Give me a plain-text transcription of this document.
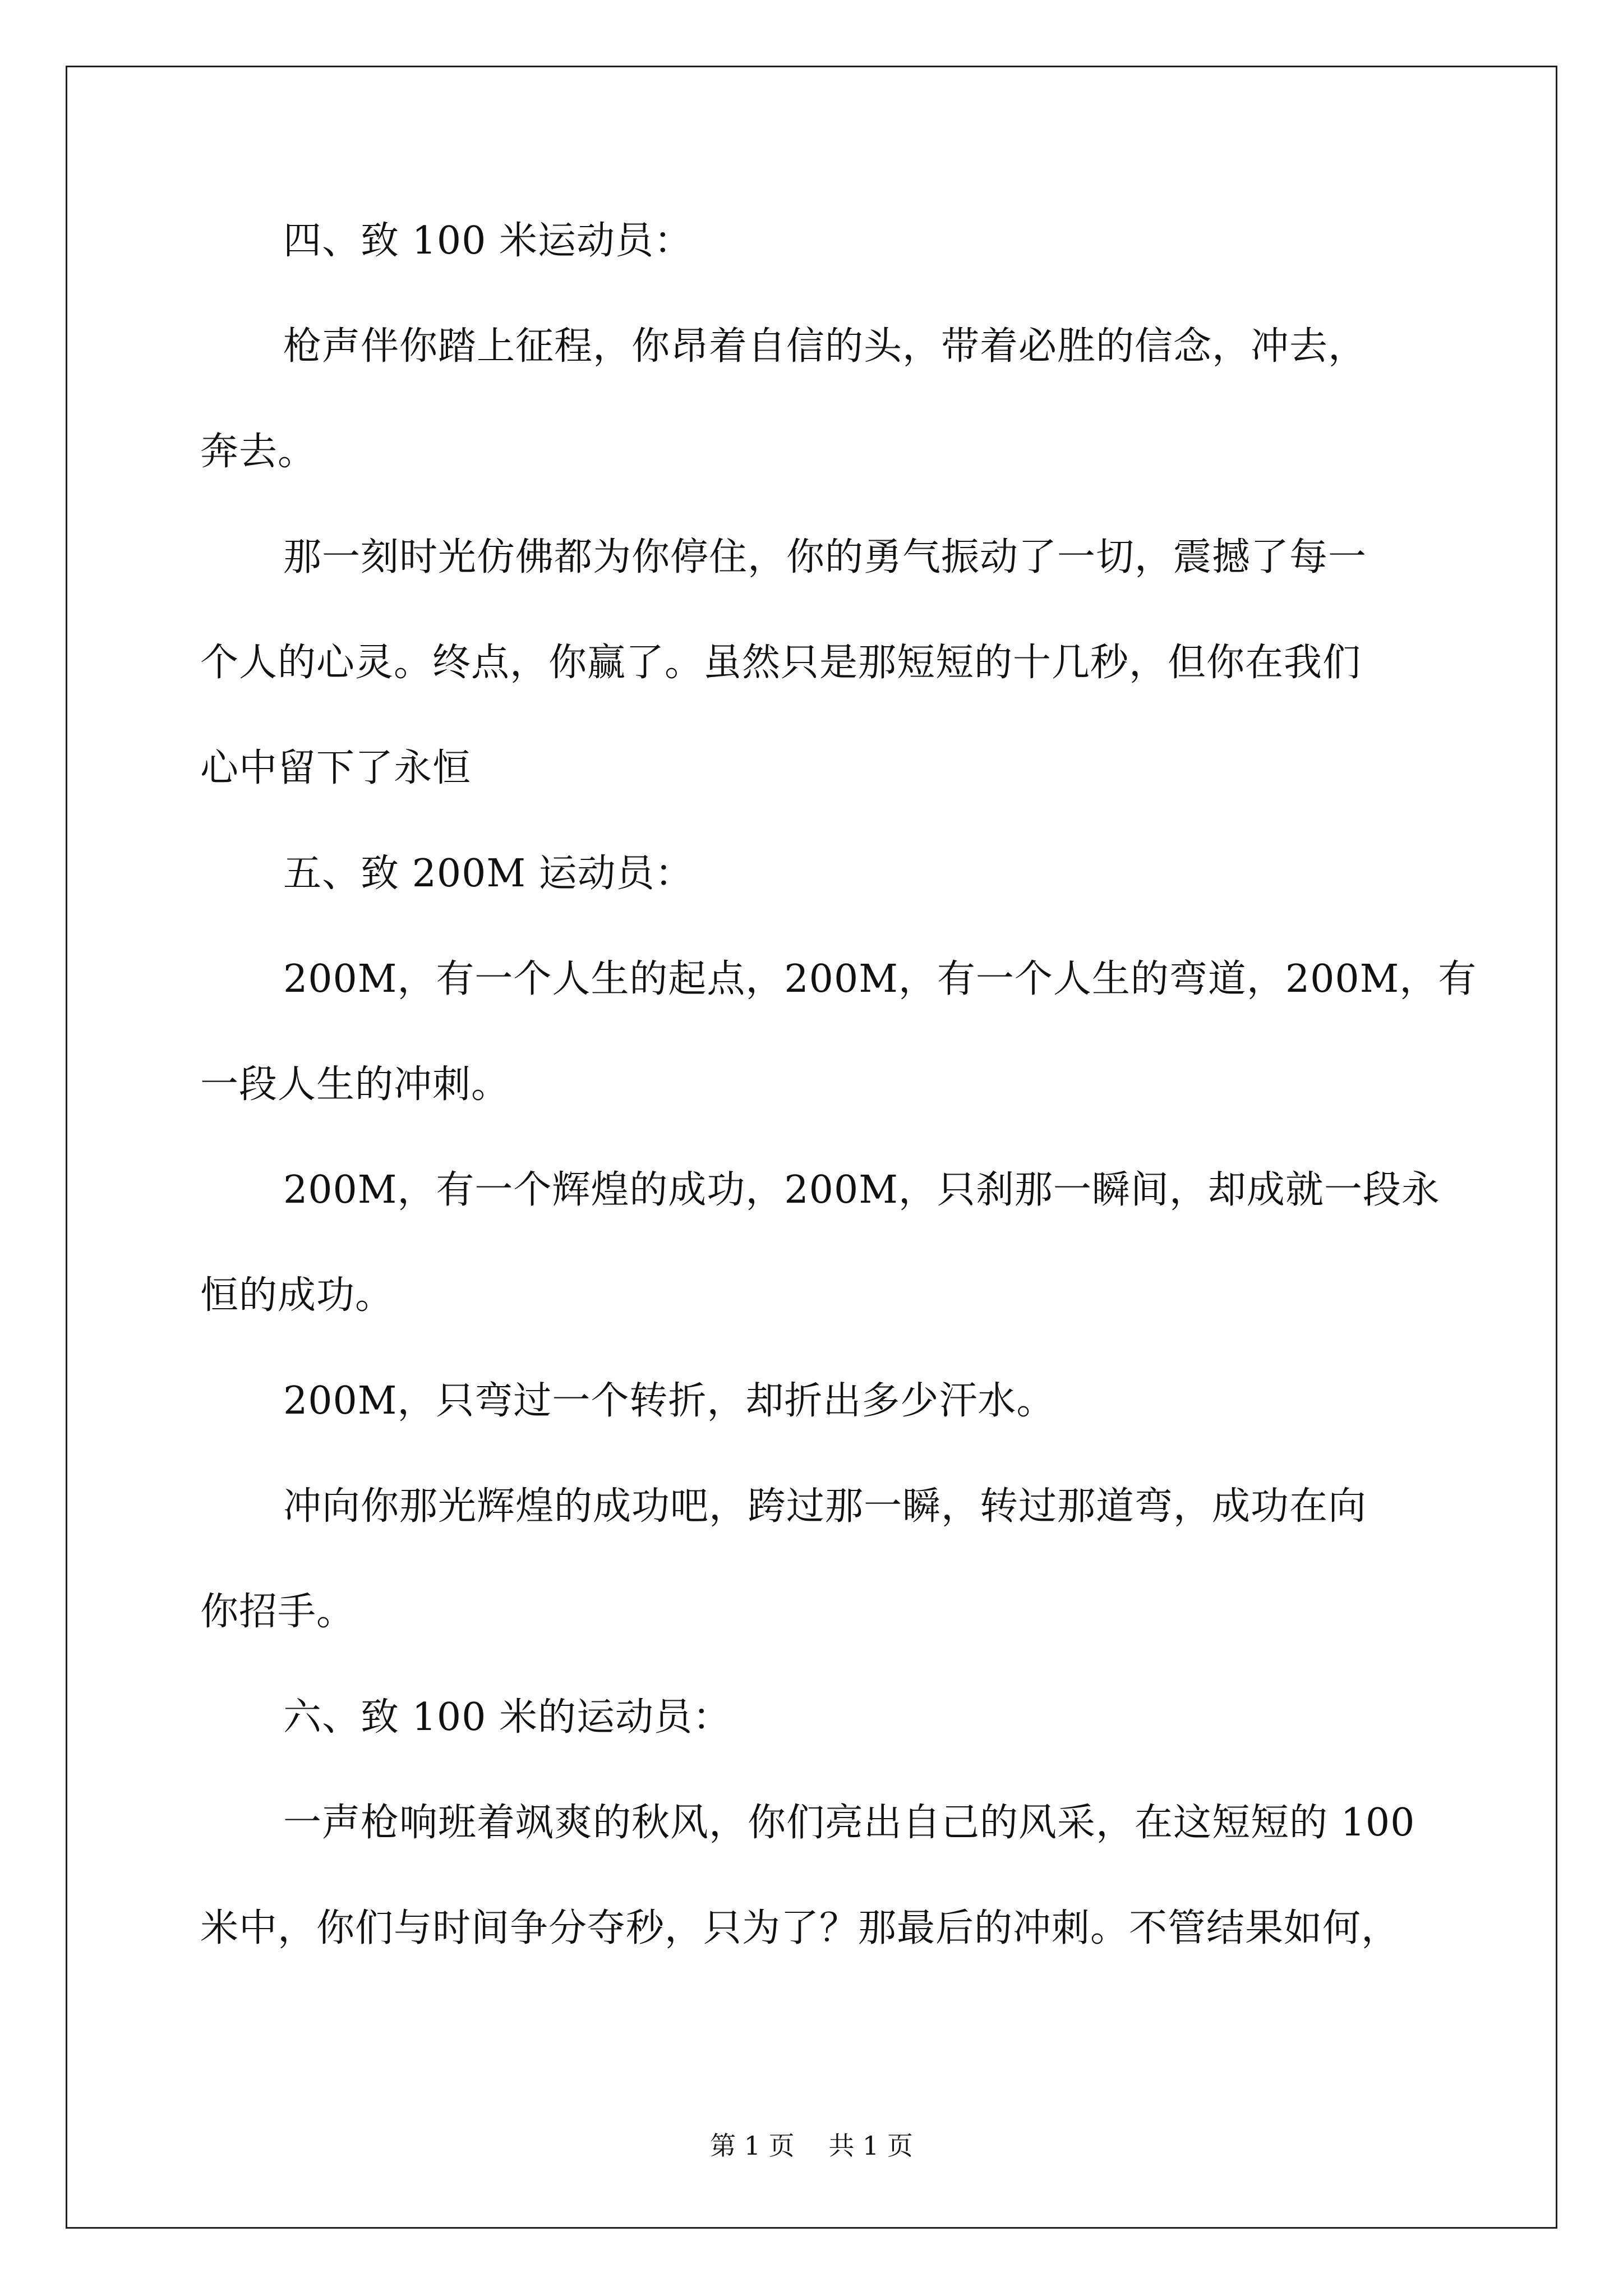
四、致 100 米运动员：
枪声伴你踏上征程，你昂着自信的头，带着必胜的信念，冲去，
奔去。
那一刻时光仿佛都为你停住，你的勇气振动了一切，震撼了每一
个人的心灵。终点，你赢了。虽然只是那短短的十几秒，但你在我们
心中留下了永恒
五、致 200M 运动员：
200M，有一个人生的起点，200M，有一个人生的弯道，200M，有
一段人生的冲刺。
200M，有一个辉煌的成功，200M，只刹那一瞬间，却成就一段永
恒的成功。
200M，只弯过一个转折，却折出多少汗水。
冲向你那光辉煌的成功吧，跨过那一瞬，转过那道弯，成功在向
你招手。
六、致 100 米的运动员：
一声枪响班着飒爽的秋风，你们亮出自己的风采，在这短短的 100
米中，你们与时间争分夺秒，只为了？那最后的冲刺。不管结果如何，
第 1 页 共 1 页
